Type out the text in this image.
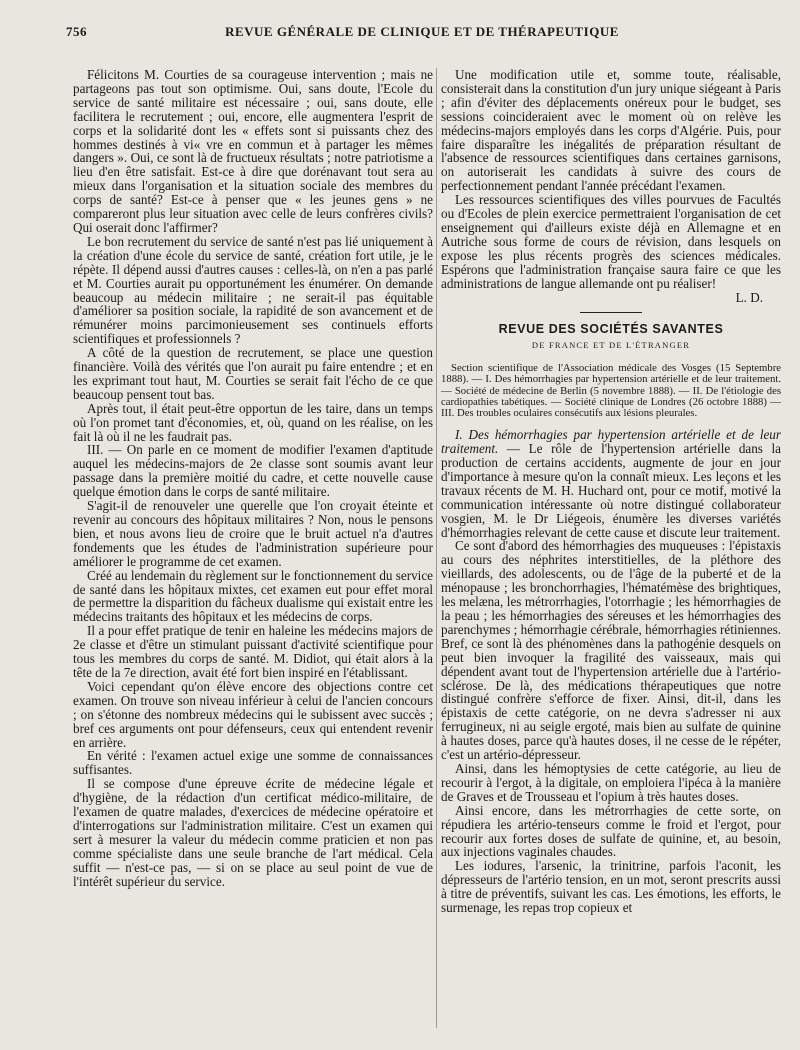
756	REVUE GÉNÉRALE DE CLINIQUE ET DE THÉRAPEUTIQUE

Félicitons M. Courties de sa courageuse intervention ; mais ne partageons pas tout son optimisme. Oui, sans doute, l'Ecole du service de santé militaire est nécessaire ; oui, sans doute, elle facilitera le recrutement ; oui, encore, elle augmentera l'esprit de corps et la solidarité dont les « effets sont si puissants chez des hommes destinés à vi« vre en commun et à partager les mêmes dangers ». Oui, ce sont là de fructueux résultats ; notre patriotisme a lieu d'en être satisfait. Est-ce à dire que dorénavant tout sera au mieux dans l'organisation et la situation sociale des membres du corps de santé? Est-ce à penser que « les jeunes gens » ne compareront plus leur situation avec celle de leurs confrères civils? Qui oserait donc l'affirmer?

Le bon recrutement du service de santé n'est pas lié uniquement à la création d'une école du service de santé, création fort utile, je le répète. Il dépend aussi d'autres causes : celles-là, on n'en a pas parlé et M. Courties aurait pu opportunément les énumérer. On demande beaucoup au médecin militaire ; ne serait-il pas équitable d'améliorer sa position sociale, la rapidité de son avancement et de rémunérer moins parcimonieusement ses continuels efforts scientifiques et professionnels ?

A côté de la question de recrutement, se place une question financière. Voilà des vérités que l'on aurait pu faire entendre ; et en les exprimant tout haut, M. Courties se serait fait l'écho de ce que beaucoup pensent tout bas.

Après tout, il était peut-être opportun de les taire, dans un temps où l'on promet tant d'économies, et, où, quand on les réalise, on les fait là où il ne les faudrait pas.

III. — On parle en ce moment de modifier l'examen d'aptitude auquel les médecins-majors de 2e classe sont soumis avant leur passage dans la première moitié du cadre, et cette nouvelle cause quelque émotion dans le corps de santé militaire.

S'agit-il de renouveler une querelle que l'on croyait éteinte et revenir au concours des hôpitaux militaires ? Non, nous le pensons bien, et nous avons lieu de croire que le bruit actuel n'a d'autres fondements que les études de l'administration supérieure pour améliorer le programme de cet examen.

Créé au lendemain du règlement sur le fonctionnement du service de santé dans les hôpitaux mixtes, cet examen eut pour effet moral de permettre la disparition du fâcheux dualisme qui existait entre les médecins traitants des hôpitaux et les médecins de corps.

Il a pour effet pratique de tenir en haleine les médecins majors de 2e classe et d'être un stimulant puissant d'activité scientifique pour tous les membres du corps de santé. M. Didiot, qui était alors à la tête de la 7e direction, avait été fort bien inspiré en l'établissant.

Voici cependant qu'on élève encore des objections contre cet examen. On trouve son niveau inférieur à celui de l'ancien concours ; on s'étonne des nombreux médecins qui le subissent avec succès ; bref ces arguments ont pour défenseurs, ceux qui entendent revenir en arrière.

En vérité : l'examen actuel exige une somme de connaissances suffisantes.

Il se compose d'une épreuve écrite de médecine légale et d'hygiène, de la rédaction d'un certificat médico-militaire, de l'examen de quatre malades, d'exercices de médecine opératoire et d'interrogations sur l'administration militaire. C'est un examen qui sert à mesurer la valeur du médecin comme praticien et non pas comme spécialiste dans une seule branche de l'art médical. Cela suffit — n'est-ce pas, — si on se place au seul point de vue de l'intérêt supérieur du service.

Une modification utile et, somme toute, réalisable, consisterait dans la constitution d'un jury unique siégeant à Paris ; afin d'éviter des déplacements onéreux pour le budget, ses sessions coincideraient avec le moment où on relève les médecins-majors employés dans les corps d'Algérie. Puis, pour faire disparaître les inégalités de préparation résultant de l'absence de ressources scientifiques dans certaines garnisons, on autoriserait les candidats à suivre des cours de perfectionnement pendant l'année précédant l'examen.

Les ressources scientifiques des villes pourvues de Facultés ou d'Ecoles de plein exercice permettraient l'organisation de cet enseignement qui d'ailleurs existe déjà en Allemagne et en Autriche sous forme de cours de révision, dans lesquels on expose les plus récents progrès des sciences médicales. Espérons que l'administration française saura faire ce que les administrations de langue allemande ont pu réaliser!

L. D.
REVUE DES SOCIÉTÉS SAVANTES
DE FRANCE ET DE L'ÉTRANGER

Section scientifique de l'Association médicale des Vosges (15 Septembre 1888). — I. Des hémorrhagies par hypertension artérielle et de leur traitement. — Société de médecine de Berlin (5 novembre 1888). — II. De l'étiologie des cardiopathies tabétiques. — Société clinique de Londres (26 octobre 1888) — III. Des troubles oculaires consécutifs aux lésions pleurales.

I. Des hémorrhagies par hypertension artérielle et de leur traitement. — Le rôle de l'hypertension artérielle dans la production de certains accidents, augmente de jour en jour d'importance à mesure qu'on la connaît mieux. Les leçons et les travaux récents de M. H. Huchard ont, pour ce motif, motivé la communication intéressante où notre distingué collaborateur vosgien, M. le Dr Liégeois, énumère les diverses variétés d'hémorrhagies relevant de cette cause et discute leur traitement.

Ce sont d'abord des hémorrhagies des muqueuses : l'épistaxis au cours des néphrites interstitielles, de la pléthore des vieillards, des adolescents, ou de l'âge de la puberté et de la ménopause ; les bronchorrhagies, l'hématémèse des brightiques, les melæna, les métrorrhagies, l'otorrhagie ; les hémorrhagies de la peau ; les hémorrhagies des séreuses et les hémorrhagies des parenchymes ; hémorrhagie cérébrale, hémorrhagies rétiniennes. Bref, ce sont là des phénomènes dans la pathogénie desquels on peut bien invoquer la fragilité des vaisseaux, mais qui dépendent avant tout de l'hypertension artérielle due à l'artério-sclérose. De là, des médications thérapeutiques que notre distingué confrère s'efforce de fixer. Ainsi, dit-il, dans les épistaxis de cette catégorie, on ne devra s'adresser ni aux ferrugineux, ni au seigle ergoté, mais bien au sulfate de quinine à hautes doses, parce qu'à hautes doses, il ne cesse de le répéter, c'est un artério-dépresseur.

Ainsi, dans les hémoptysies de cette catégorie, au lieu de recourir à l'ergot, à la digitale, on emploiera l'ipéca à la manière de Graves et de Trousseau et l'opium à très hautes doses.

Ainsi encore, dans les métrorrhagies de cette sorte, on répudiera les artério-tenseurs comme le froid et l'ergot, pour recourir aux fortes doses de sulfate de quinine, et, au besoin, aux injections vaginales chaudes.

Les iodures, l'arsenic, la trinitrine, parfois l'aconit, les dépresseurs de l'artério tension, en un mot, seront prescrits aussi à titre de préventifs, suivant les cas. Les émotions, les efforts, le surmenage, les repas trop copieux et
